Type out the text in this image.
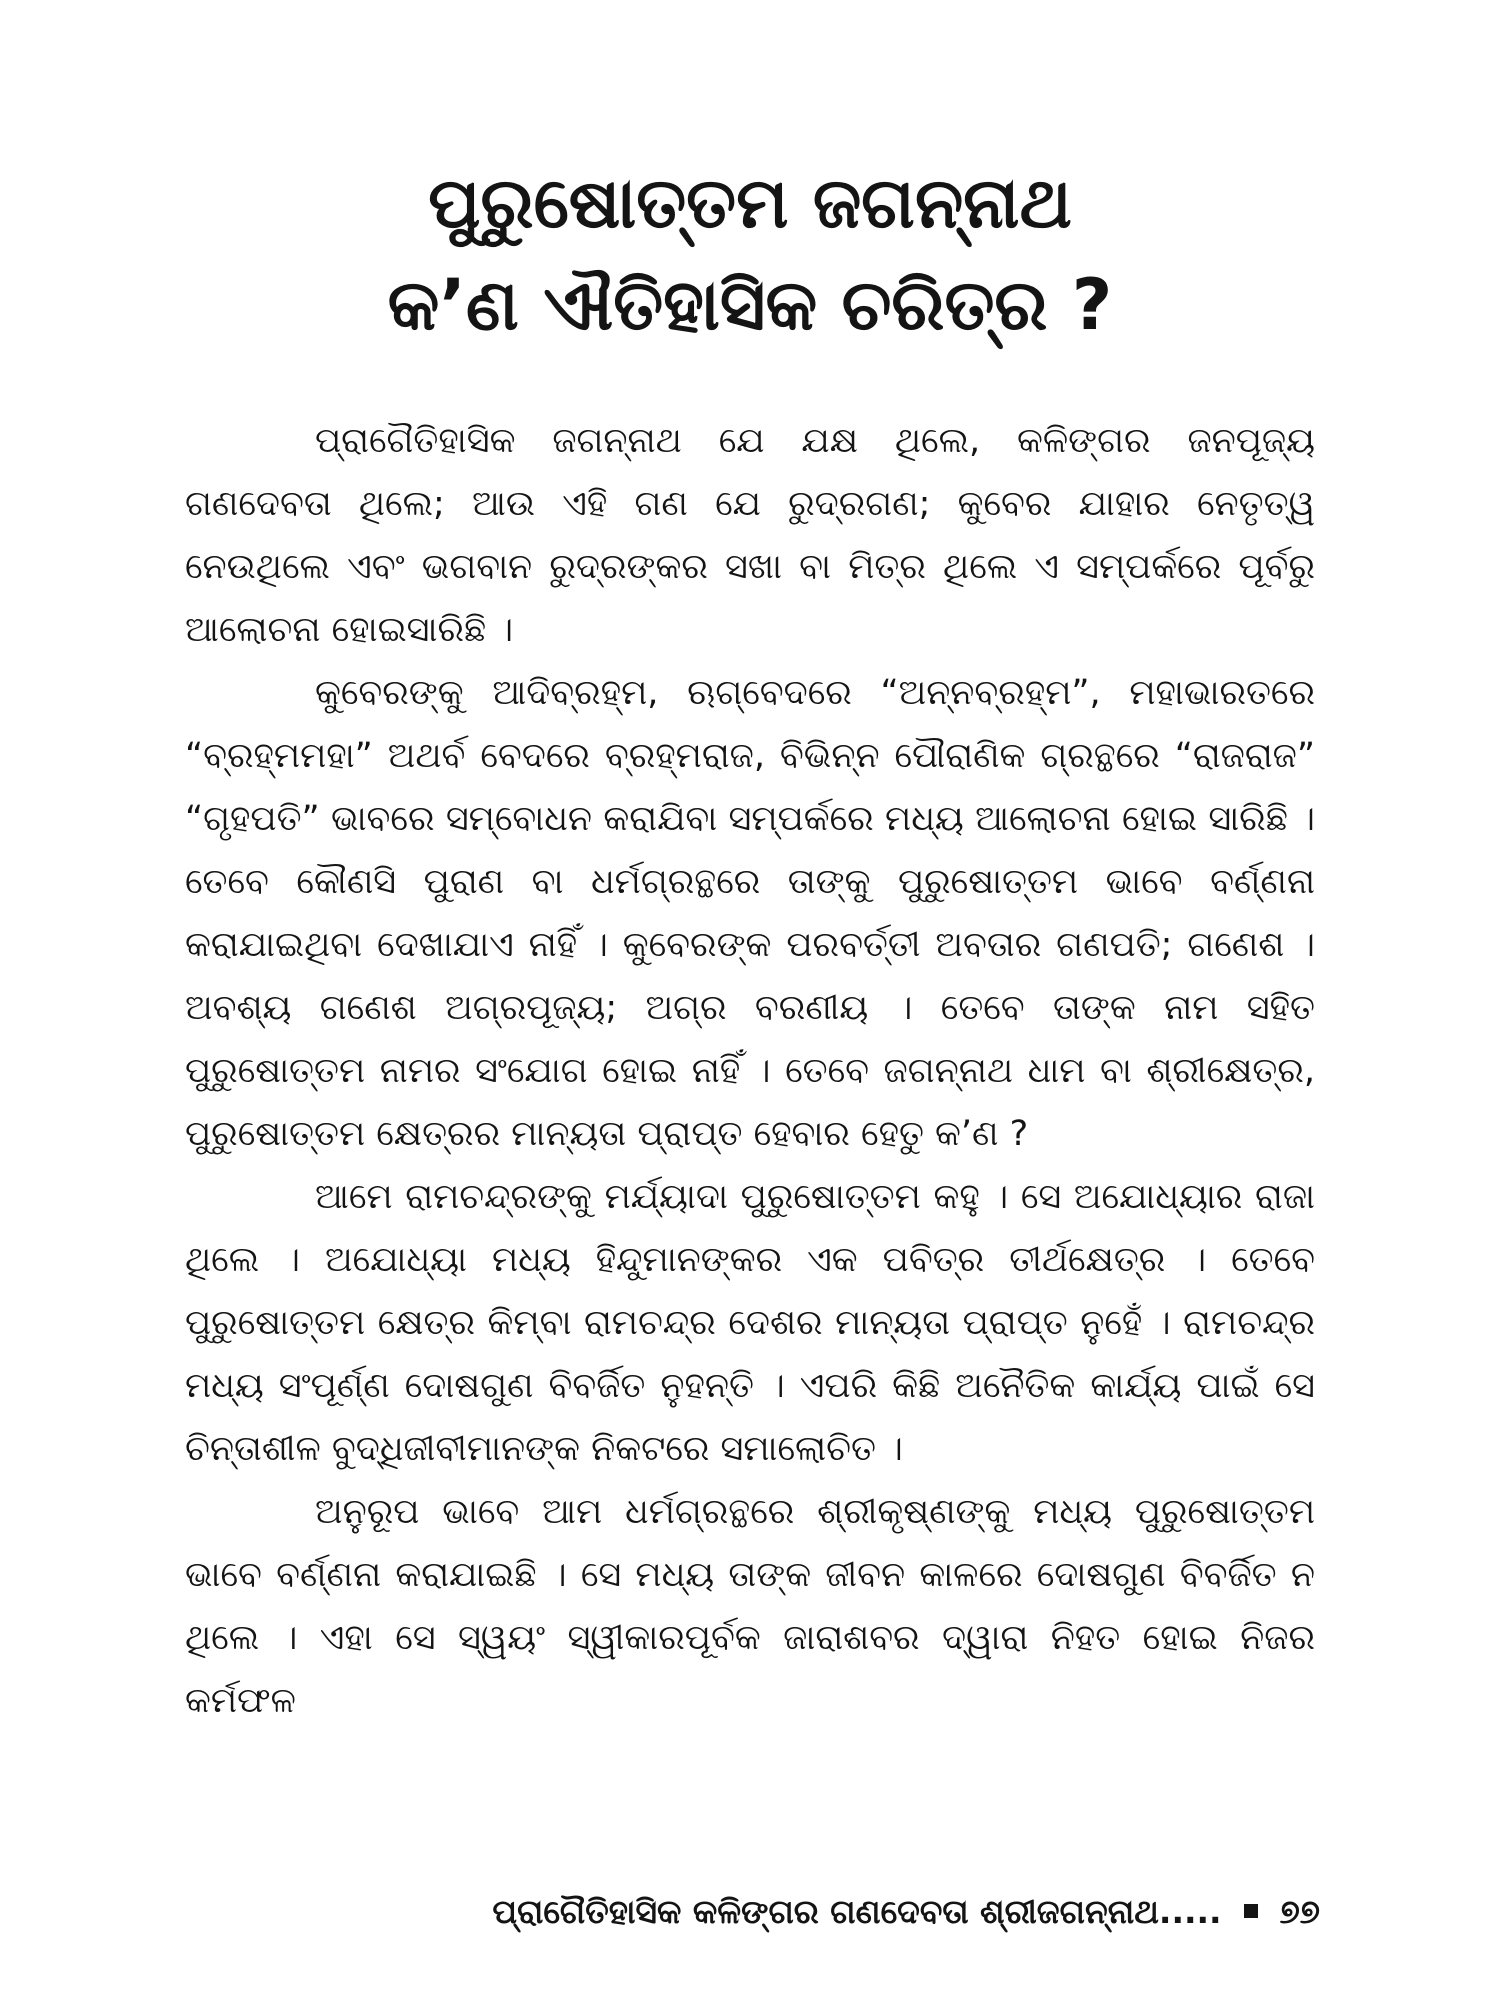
ପୁରୁଷୋତ୍ତମ ଜଗନ୍ନାଥ
କ’ଣ ଐତିହାସିକ ଚରିତ୍ର ?

ପ୍ରାଗୈତିହାସିକ ଜଗନ୍ନାଥ ଯେ ଯକ୍ଷ ଥିଲେ, କଳିଙ୍ଗର ଜନପୂଜ୍ୟ ଗଣଦେବତା ଥିଲେ; ଆଉ ଏହି ଗଣ ଯେ ରୁଦ୍ରଗଣ; କୁବେର ଯାହାର ନେତୃତ୍ୱ ନେଉଥିଲେ ଏବଂ ଭଗବାନ ରୁଦ୍ରଙ୍କର ସଖା ବା ମିତ୍ର ଥିଲେ ଏ ସମ୍ପର୍କରେ ପୂର୍ବରୁ ଆଲୋଚନା ହୋଇସାରିଛି ।

କୁବେରଙ୍କୁ ଆଦିବ୍ରହ୍ମ, ଋଗ୍‌ବେଦରେ “ଅନ୍ନବ୍ରହ୍ମ”, ମହାଭାରତରେ “ବ୍ରହ୍ମମହା” ଅଥର୍ବ ବେଦରେ ବ୍ରହ୍ମରାଜ, ବିଭିନ୍ନ ପୌରାଣିକ ଗ୍ରନ୍ଥରେ “ରାଜରାଜ” “ଗୃହପତି” ଭାବରେ ସମ୍ବୋଧନ କରାଯିବା ସମ୍ପର୍କରେ ମଧ୍ୟ ଆଲୋଚନା ହୋଇ ସାରିଛି । ତେବେ କୌଣସି ପୁରାଣ ବା ଧର୍ମଗ୍ରନ୍ଥରେ ତାଙ୍କୁ ପୁରୁଷୋତ୍ତମ ଭାବେ ବର୍ଣ୍ଣନା କରାଯାଇଥିବା ଦେଖାଯାଏ ନାହିଁ । କୁବେରଙ୍କ ପରବର୍ତ୍ତୀ ଅବତାର ଗଣପତି; ଗଣେଶ । ଅବଶ୍ୟ ଗଣେଶ ଅଗ୍ରପୂଜ୍ୟ; ଅଗ୍ର ବରଣୀୟ । ତେବେ ତାଙ୍କ ନାମ ସହିତ ପୁରୁଷୋତ୍ତମ ନାମର ସଂଯୋଗ ହୋଇ ନାହିଁ । ତେବେ ଜଗନ୍ନାଥ ଧାମ ବା ଶ୍ରୀକ୍ଷେତ୍ର, ପୁରୁଷୋତ୍ତମ କ୍ଷେତ୍ରର ମାନ୍ୟତା ପ୍ରାପ୍ତ ହେବାର ହେତୁ କ’ଣ ?

ଆମେ ରାମଚନ୍ଦ୍ରଙ୍କୁ ମର୍ଯ୍ୟାଦା ପୁରୁଷୋତ୍ତମ କହୁ । ସେ ଅଯୋଧ୍ୟାର ରାଜା ଥିଲେ । ଅଯୋଧ୍ୟା ମଧ୍ୟ ହିନ୍ଦୁମାନଙ୍କର ଏକ ପବିତ୍ର ତୀର୍ଥକ୍ଷେତ୍ର । ତେବେ ପୁରୁଷୋତ୍ତମ କ୍ଷେତ୍ର କିମ୍ବା ରାମଚନ୍ଦ୍ର ଦେଶର ମାନ୍ୟତା ପ୍ରାପ୍ତ ନୁହେଁ । ରାମଚନ୍ଦ୍ର ମଧ୍ୟ ସଂପୂର୍ଣ୍ଣ ଦୋଷଗୁଣ ବିବର୍ଜିତ ନୁହନ୍ତି । ଏପରି କିଛି ଅନୈତିକ କାର୍ଯ୍ୟ ପାଇଁ ସେ ଚିନ୍ତାଶୀଳ ବୁଦ୍ଧିଜୀବୀମାନଙ୍କ ନିକଟରେ ସମାଲୋଚିତ ।

ଅନୁରୂପ ଭାବେ ଆମ ଧର୍ମଗ୍ରନ୍ଥରେ ଶ୍ରୀକୃଷ୍ଣଙ୍କୁ ମଧ୍ୟ ପୁରୁଷୋତ୍ତମ ଭାବେ ବର୍ଣ୍ଣନା କରାଯାଇଛି । ସେ ମଧ୍ୟ ତାଙ୍କ ଜୀବନ କାଳରେ ଦୋଷଗୁଣ ବିବର୍ଜିତ ନ ଥିଲେ । ଏହା ସେ ସ୍ୱୟଂ ସ୍ୱୀକାରପୂର୍ବକ ଜାରାଶବର ଦ୍ୱାରା ନିହତ ହୋଇ ନିଜର କର୍ମଫଳ

ପ୍ରାଗୈତିହାସିକ କଳିଙ୍ଗର ଗଣଦେବତା ଶ୍ରୀଜଗନ୍ନାଥ..... ୭୭
